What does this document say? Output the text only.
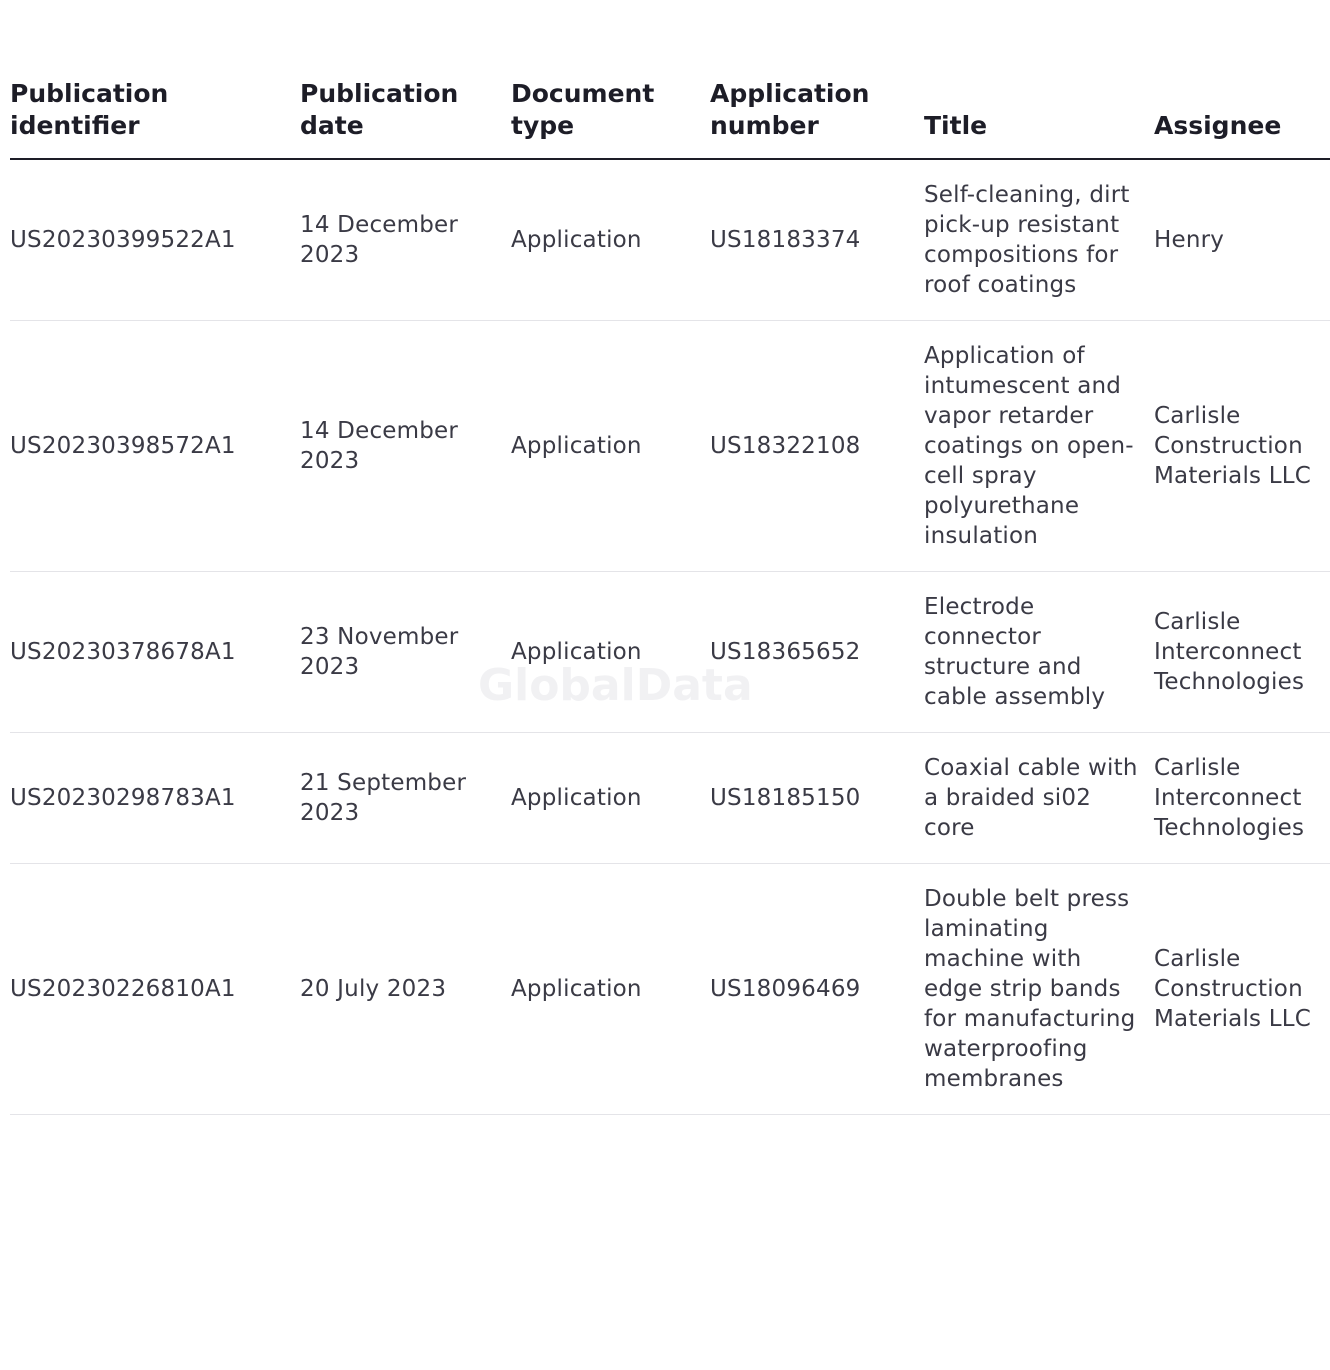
Publication identifier	Publication date	Document type	Application number	Title	Assignee
US20230399522A1	14 December 2023	Application	US18183374	Self-cleaning, dirt pick-up resistant compositions for roof coatings	Henry
US20230398572A1	14 December 2023	Application	US18322108	Application of intumescent and vapor retarder coatings on open-cell spray polyurethane insulation	Carlisle Construction Materials LLC
US20230378678A1	23 November 2023	Application	US18365652	Electrode connector structure and cable assembly	Carlisle Interconnect Technologies
US20230298783A1	21 September 2023	Application	US18185150	Coaxial cable with a braided si02 core	Carlisle Interconnect Technologies
US20230226810A1	20 July 2023	Application	US18096469	Double belt press laminating machine with edge strip bands for manufacturing waterproofing membranes	Carlisle Construction Materials LLC
GlobalData
